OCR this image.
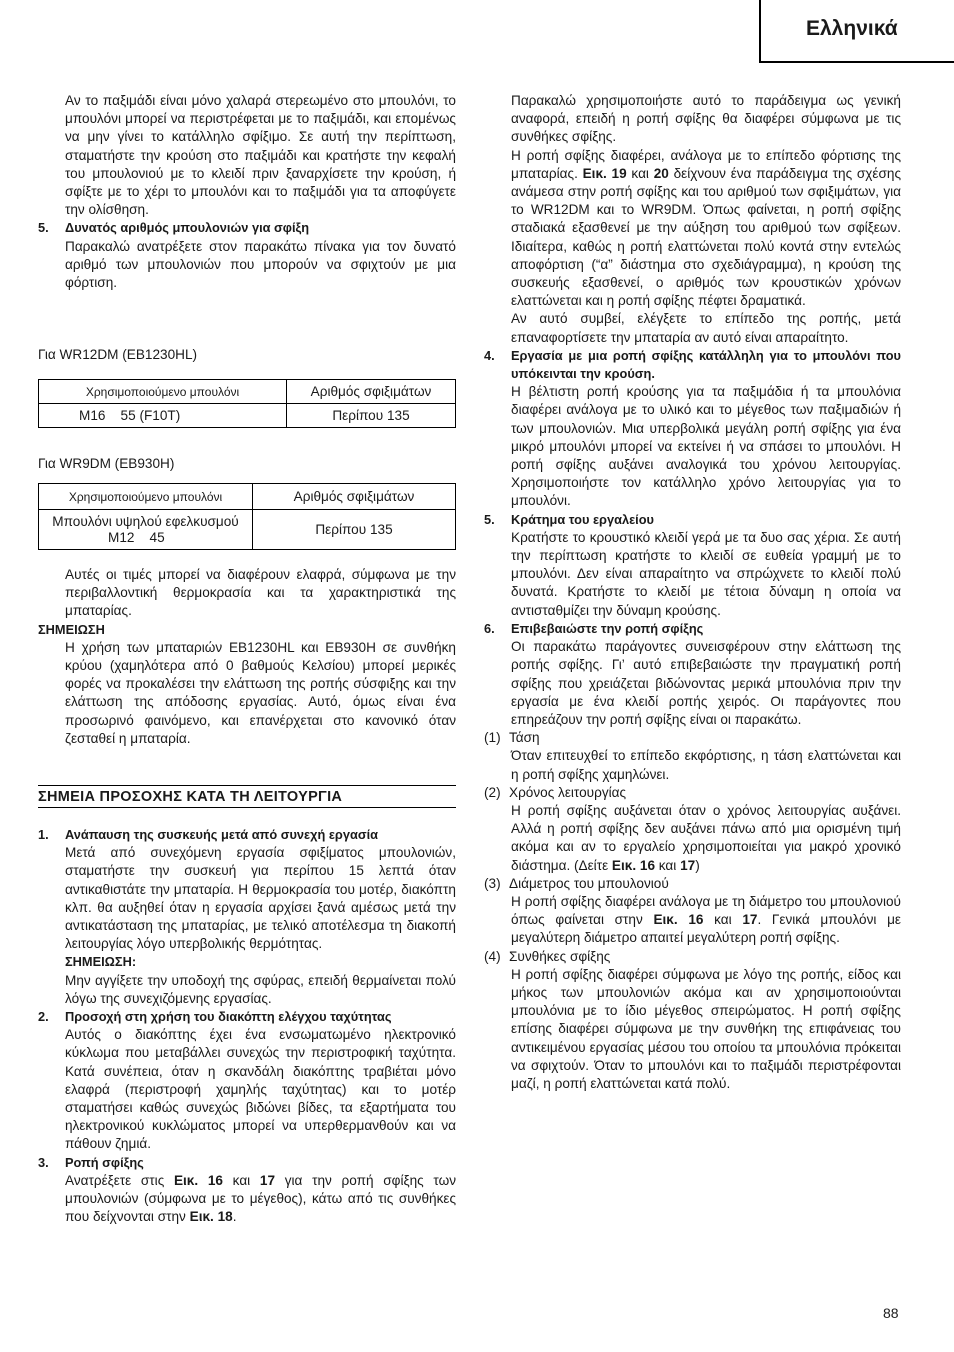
Ελληνικά

Αν το παξιμάδι είναι μόνο χαλαρά στερεωμένο στο μπουλόνι, το μπουλόνι μπορεί να περιστρέφεται με το παξιμάδι, και επομένως να μην γίνει το κατάλληλο σφίξιμο. Σε αυτή την περίπτωση, σταματήστε την κρούση στο παξιμάδι και κρατήστε την κεφαλή του μπουλονιού με το κλειδί πριν ξαναρχίσετε την κρούση, ή σφίξτε με το χέρι το μπουλόνι και το παξιμάδι για τα αποφύγετε την ολίσθηση.

5.	Δυνατός αριθμός μπουλονιών για σφίξη

Παρακαλώ ανατρέξετε στον παρακάτω πίνακα για τον δυνατό αριθμό των μπουλονιών που μπορούν να σφιχτούν με μια φόρτιση.

Για WR12DM (EB1230HL)

Χρησιμοποιούμενο μπουλόνι	Αριθμός σφιξιμάτων
M16    55 (F10T)	Περίπου 135

Για WR9DM (EB930H)

Χρησιμοποιούμενο μπουλόνι	Αριθμός σφιξιμάτων

Μπουλόνι υψηλού εφελκυσμού
M12    45	Περίπου 135

Αυτές οι τιμές μπορεί να διαφέρουν ελαφρά, σύμφωνα με την περιβαλλοντική θερμοκρασία και τα χαρακτηριστικά της μπαταρίας.

ΣΗΜΕΙΩΣΗ

Η χρήση των μπαταριών EB1230HL και EB930H σε συνθήκη κρύου (χαμηλότερα από 0 βαθμούς Κελσίου) μπορεί μερικές φορές να προκαλέσει την ελάττωση της ροπής σύσφιξης και την ελάττωση της απόδοσης εργασίας. Αυτό, όμως είναι ένα προσωρινό φαινόμενο, και επανέρχεται στο κανονικό όταν ζεσταθεί η μπαταρία.

ΣΗΜΕΙΑ ΠΡΟΣΟΧΗΣ ΚΑΤΑ ΤΗ ΛΕΙΤΟΥΡΓΙΑ

1.	Ανάπαυση της συσκευής μετά από συνεχή εργασία

Μετά από συνεχόμενη εργασία σφιξίματος μπουλονιών, σταματήστε την συσκευή για περίπου 15 λεπτά όταν αντικαθιστάτε την μπαταρία. Η θερμοκρασία του μοτέρ, διακόπτη κλπ. θα αυξηθεί όταν η εργασία αρχίσει ξανά αμέσως μετά την αντικατάσταση της μπαταρίας, με τελικό αποτέλεσμα τη διακοπή λειτουργίας λόγο υπερβολικής θερμότητας.

ΣΗΜΕΙΩΣΗ:

Μην αγγίξετε την υποδοχή της σφύρας, επειδή θερμαίνεται πολύ λόγω της συνεχιζόμενης εργασίας.

2.	Προσοχή στη χρήση του διακόπτη ελέγχου ταχύτητας

Αυτός ο διακόπτης έχει ένα ενσωματωμένο ηλεκτρονικό κύκλωμα που μεταβάλλει συνεχώς την περιστροφική ταχύτητα. Κατά συνέπεια, όταν η σκανδάλη διακόπτης τραβιέται μόνο ελαφρά (περιστροφή χαμηλής ταχύτητας) και το μοτέρ σταματήσει καθώς συνεχώς βιδώνει βίδες, τα εξαρτήματα του ηλεκτρονικού κυκλώματος μπορεί να υπερθερμανθούν και να πάθουν ζημιά.

3.	Ροπή σφίξης

Ανατρέξετε στις Εικ. 16 και 17 για την ροπή σφίξης των μπουλονιών (σύμφωνα με το μέγεθος), κάτω από τις συνθήκες που δείχνονται στην Εικ. 18.

Παρακαλώ χρησιμοποιήστε αυτό το παράδειγμα ως γενική αναφορά, επειδή η ροπή σφίξης θα διαφέρει σύμφωνα με τις συνθήκες σφίξης.

Η ροπή σφίξης διαφέρει, ανάλογα με το επίπεδο φόρτισης της μπαταρίας. Εικ. 19 και 20 δείχνουν ένα παράδειγμα της σχέσης ανάμεσα στην ροπή σφίξης και του αριθμού των σφιξιμάτων, για το WR12DM και το WR9DM. Όπως φαίνεται, η ροπή σφίξης σταδιακά εξασθενεί με την αύξηση του αριθμού των σφίξεων. Ιδιαίτερα, καθώς η ροπή ελαττώνεται πολύ κοντά στην εντελώς αποφόρτιση (“α” διάστημα στο σχεδιάγραμμα), η κρούση της συσκευής εξασθενεί, ο αριθμός των κρουστικών χρόνων ελαττώνεται και η ροπή σφίξης πέφτει δραματικά.

Αν αυτό συμβεί, ελέγξετε το επίπεδο της ροπής, μετά επαναφορτίσετε την μπαταρία αν αυτό είναι απαραίτητο.

4.	Εργασία με μια ροπή σφίξης κατάλληλη για το μπουλόνι που υπόκεινται την κρούση.

Η βέλτιστη ροπή κρούσης για τα παξιμάδια ή τα μπουλόνια διαφέρει ανάλογα με το υλικό και το μέγεθος των παξιμαδιών ή των μπουλονιών. Μια υπερβολικά μεγάλη ροπή σφίξης για ένα μικρό μπουλόνι μπορεί να εκτείνει ή να σπάσει το μπουλόνι. Η ροπή σφίξης αυξάνει αναλογικά του χρόνου λειτουργίας. Χρησιμοποιήστε τον κατάλληλο χρόνο λειτουργίας για το μπουλόνι.

5.	Κράτημα του εργαλείου

Κρατήστε το κρουστικό κλειδί γερά με τα δυο σας χέρια. Σε αυτή την περίπτωση κρατήστε το κλειδί σε ευθεία γραμμή με το μπουλόνι. Δεν είναι απαραίτητο να σπρώχνετε το κλειδί πολύ δυνατά. Κρατήστε το κλειδί με τέτοια δύναμη η οποία να αντισταθμίζει την δύναμη κρούσης.

6.	Επιβεβαιώστε την ροπή σφίξης

Οι παρακάτω παράγοντες συνεισφέρουν στην ελάττωση της ροπής σφίξης. Γι’ αυτό επιβεβαιώστε την πραγματική ροπή σφίξης που χρειάζεται βιδώνοντας μερικά μπουλόνια πριν την εργασία με ένα κλειδί ροπής χειρός. Οι παράγοντες που επηρεάζουν την ροπή σφίξης είναι οι παρακάτω.

(1) Τάση

Όταν επιτευχθεί το επίπεδο εκφόρτισης, η τάση ελαττώνεται και η ροπή σφίξης χαμηλώνει.

(2) Χρόνος λειτουργίας

Η ροπή σφίξης αυξάνεται όταν ο χρόνος λειτουργίας αυξάνει. Αλλά η ροπή σφίξης δεν αυξάνει πάνω από μια ορισμένη τιμή ακόμα και αν το εργαλείο χρησιμοποιείται για μακρό χρονικό διάστημα. (Δείτε Εικ. 16 και 17)

(3) Διάμετρος του μπουλονιού

Η ροπή σφίξης διαφέρει ανάλογα με τη διάμετρο του μπουλονιού όπως φαίνεται στην Εικ. 16 και 17. Γενικά μπουλόνι με μεγαλύτερη διάμετρο απαιτεί μεγαλύτερη ροπή σφίξης.

(4) Συνθήκες σφίξης

Η ροπή σφίξης διαφέρει σύμφωνα με λόγο της ροπής, είδος και μήκος των μπουλονιών ακόμα και αν χρησιμοποιούνται μπουλόνια με το ίδιο μέγεθος σπειρώματος. Η ροπή σφίξης επίσης διαφέρει σύμφωνα με την συνθήκη της επιφάνειας του αντικειμένου εργασίας μέσου του οποίου τα μπουλόνια πρόκειται να σφιχτούν. Όταν το μπουλόνι και το παξιμάδι περιστρέφονται μαζί, η ροπή ελαττώνεται κατά πολύ.

88
